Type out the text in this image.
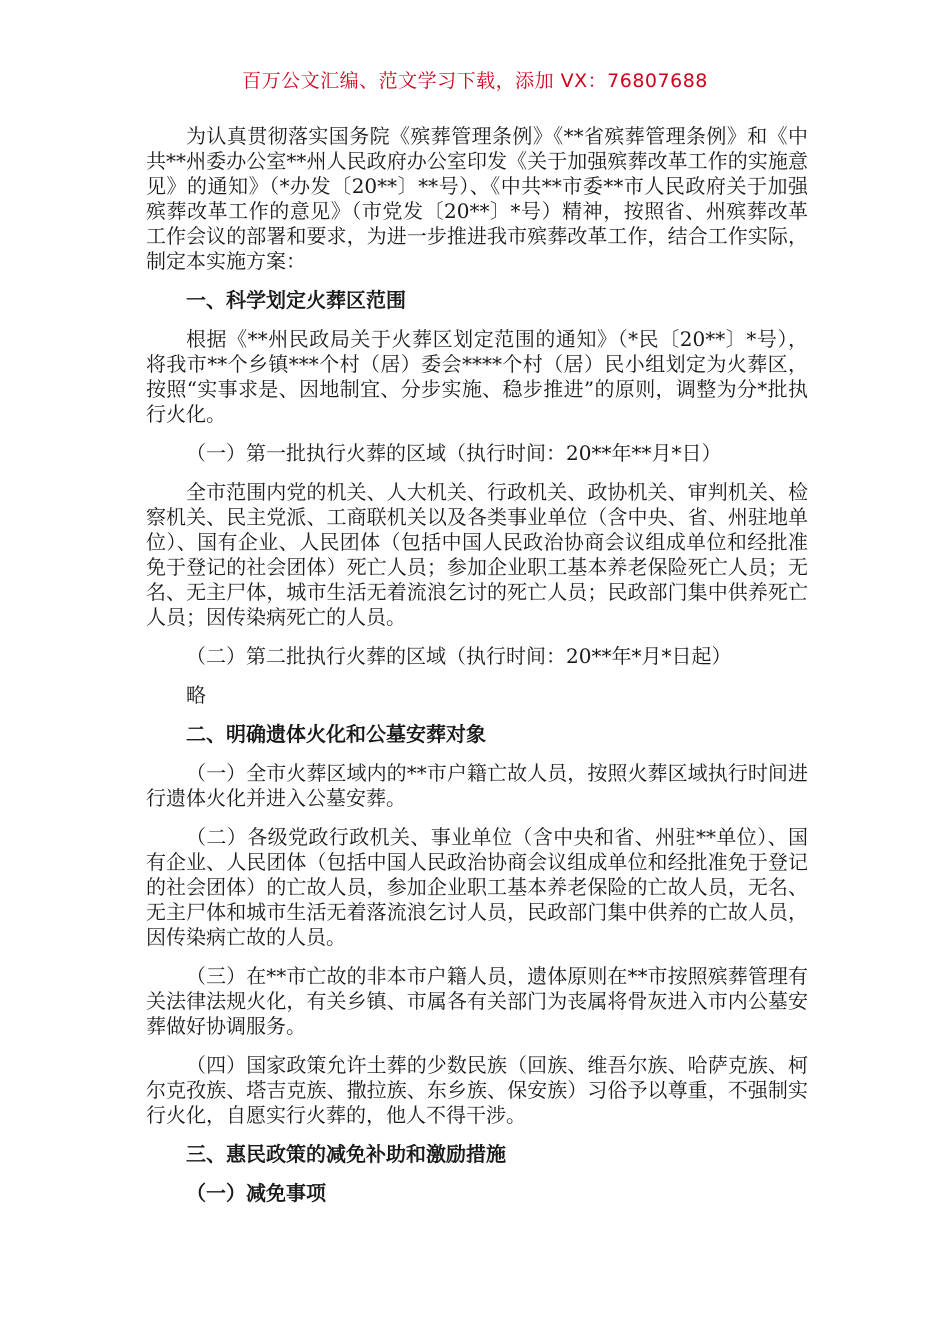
百万公文汇编、范文学习下载，添加 VX：76807688

为认真贯彻落实国务院《殡葬管理条例》《**省殡葬管理条例》和《中共**州委办公室**州人民政府办公室印发《关于加强殡葬改革工作的实施意见》的通知》（*办发〔20**〕**号）、《中共**市委**市人民政府关于加强殡葬改革工作的意见》（市党发〔20**〕*号）精神，按照省、州殡葬改革工作会议的部署和要求，为进一步推进我市殡葬改革工作，结合工作实际，制定本实施方案：

一、科学划定火葬区范围

根据《**州民政局关于火葬区划定范围的通知》（*民〔20**〕*号），将我市**个乡镇***个村（居）委会****个村（居）民小组划定为火葬区，按照“实事求是、因地制宜、分步实施、稳步推进”的原则，调整为分*批执行火化。

（一）第一批执行火葬的区域（执行时间：20**年**月*日）

全市范围内党的机关、人大机关、行政机关、政协机关、审判机关、检察机关、民主党派、工商联机关以及各类事业单位（含中央、省、州驻地单位）、国有企业、人民团体（包括中国人民政治协商会议组成单位和经批准免于登记的社会团体）死亡人员；参加企业职工基本养老保险死亡人员；无名、无主尸体，城市生活无着流浪乞讨的死亡人员；民政部门集中供养死亡人员；因传染病死亡的人员。

（二）第二批执行火葬的区域（执行时间：20**年*月*日起）

略

二、明确遗体火化和公墓安葬对象

（一）全市火葬区域内的**市户籍亡故人员，按照火葬区域执行时间进行遗体火化并进入公墓安葬。

（二）各级党政行政机关、事业单位（含中央和省、州驻**单位）、国有企业、人民团体（包括中国人民政治协商会议组成单位和经批准免于登记的社会团体）的亡故人员，参加企业职工基本养老保险的亡故人员，无名、无主尸体和城市生活无着落流浪乞讨人员，民政部门集中供养的亡故人员，因传染病亡故的人员。

（三）在**市亡故的非本市户籍人员，遗体原则在**市按照殡葬管理有关法律法规火化，有关乡镇、市属各有关部门为丧属将骨灰进入市内公墓安葬做好协调服务。

（四）国家政策允许土葬的少数民族（回族、维吾尔族、哈萨克族、柯尔克孜族、塔吉克族、撒拉族、东乡族、保安族）习俗予以尊重，不强制实行火化，自愿实行火葬的，他人不得干涉。

三、惠民政策的减免补助和激励措施

（一）减免事项
